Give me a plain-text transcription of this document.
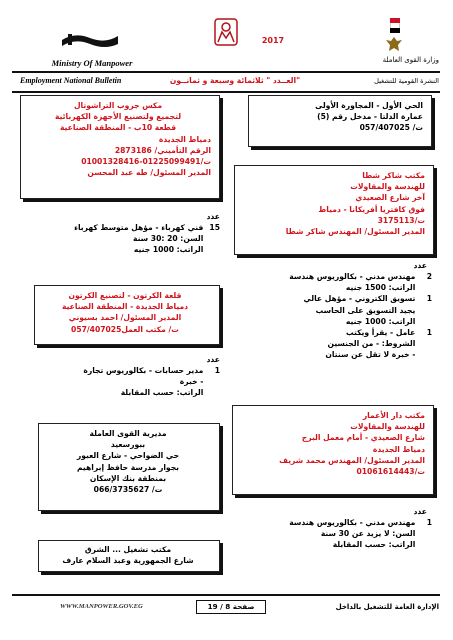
Ministry Of Manpower
2017
وزارة القوى العاملة
Employment National Bulletin	العــدد " ثلاثمائة وسبعة و ثمانــون"	النشرة القومية للتشغيل
الحي الأول - المجاورة الأولى
عمارة الدلتا - مدخل رقم (5)
ت/ 057/407025
مكتب شاكر شطا
للهندسة والمقاولات
آخر شارع الصعيدي
فوق كافتريا أفريكانا - دمياط
ت/3175113
المدير المسئول/ المهندس شاكر شطا
عدد
2 مهندس مدني - بكالوريوس هندسة
الراتب: 1500 جنيه
1 تسويق الكتروني - مؤهل عالي
يجيد التسويق على الحاسب
الراتب: 1000 جنيه
1 عامل - يقرأ ويكتب
الشروط: - من الجنسين
- خبرة لا تقل عن سنتان
مكتب دار الأعمار
للهندسة والمقاولات
شارع الصعيدي - أمام معمل البرج
دمياط الجديدة
المدير المسئول/ المهندس محمد شريف
ت/01061614443
عدد
1 مهندس مدني - بكالوريوس هندسة
السن: لا يزيد عن 30 سنة
الراتب: حسب المقابلة
مكس جروب التراشوتال
لتجميع ولتصنيع الأجهزة الكهربائية
قطعة 10ب - المنطقة الصناعية
دمياط الجديدة
الرقم التأميني/ 2873186
ت/01225099491-01001328416
المدير المسئول/ طه عبد المحسن
عدد
15 فني كهرباء - مؤهل متوسط كهرباء
السن: 20 :30 سنة
الراتب: 1000 جنيه
قلعة الكرتون - لتصنيع الكرتون
دمياط الجديدة - المنطقة الصناعية
المدير المسئول/ احمد بسيوني
ت/ مكتب العمل057/407025
عدد
1 مدير حسابات - بكالوريوس تجارة
- خبرة
الراتب: حسب المقابلة
مديرية القوى العاملة
ببورسعيد
حي الضواحي - شارع العبور
بجوار مدرسة حافظ إبراهيم
بمنطقة بنك الإسكان
ت/ 066/3735627
مكتب تشغيل ... الشرق
شارع الجمهورية وعبد السلام عارف
WWW.MANPOWER.GOV.EG	صفحة 8 / 19	الإدارة العامة للتشغيل بالداخل
